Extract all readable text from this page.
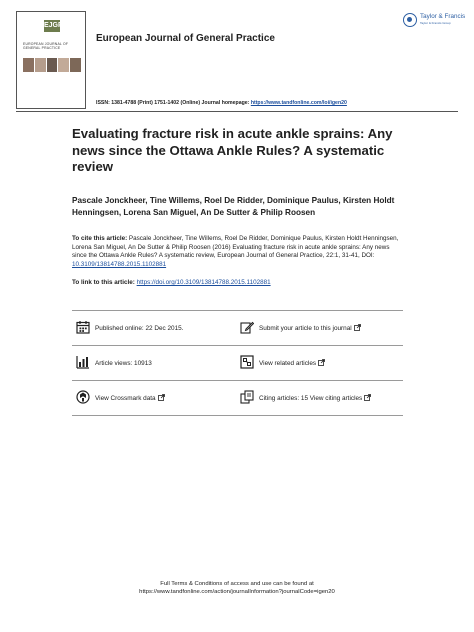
EJGP
EUROPEAN JOURNAL OF GENERAL PRACTICE
European Journal of General Practice
Taylor & Francis
Taylor & Francis Group
ISSN: 1381-4788 (Print) 1751-1402 (Online) Journal homepage: https://www.tandfonline.com/loi/igen20
Evaluating fracture risk in acute ankle sprains: Any news since the Ottawa Ankle Rules? A systematic review
Pascale Jonckheer, Tine Willems, Roel De Ridder, Dominique Paulus, Kirsten Holdt Henningsen, Lorena San Miguel, An De Sutter & Philip Roosen
To cite this article: Pascale Jonckheer, Tine Willems, Roel De Ridder, Dominique Paulus, Kirsten Holdt Henningsen, Lorena San Miguel, An De Sutter & Philip Roosen (2016) Evaluating fracture risk in acute ankle sprains: Any news since the Ottawa Ankle Rules? A systematic review, European Journal of General Practice, 22:1, 31-41, DOI: 10.3109/13814788.2015.1102881
To link to this article: https://doi.org/10.3109/13814788.2015.1102881
Published online: 22 Dec 2015.	Submit your article to this journal
Article views: 10913	View related articles
View Crossmark data	Citing articles: 15 View citing articles
Full Terms & Conditions of access and use can be found at
https://www.tandfonline.com/action/journalInformation?journalCode=igen20
